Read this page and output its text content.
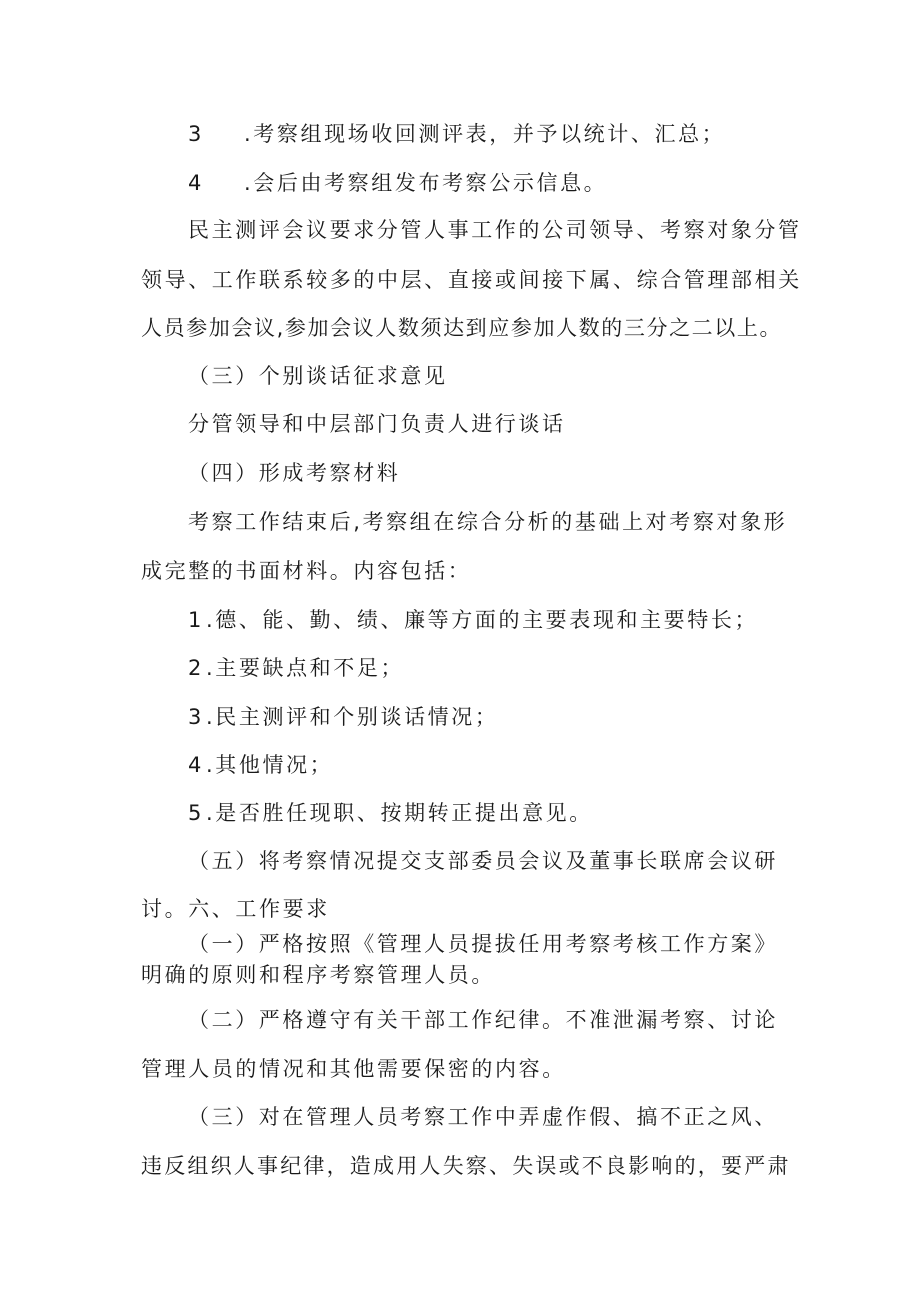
3 .考察组现场收回测评表，并予以统计、汇总；
4 .会后由考察组发布考察公示信息。
民主测评会议要求分管人事工作的公司领导、考察对象分管
领导、工作联系较多的中层、直接或间接下属、综合管理部相关
人员参加会议,参加会议人数须达到应参加人数的三分之二以上。
（三）个别谈话征求意见
分管领导和中层部门负责人进行谈话
（四）形成考察材料
考察工作结束后,考察组在综合分析的基础上对考察对象形
成完整的书面材料。内容包括：
1.德、能、勤、绩、廉等方面的主要表现和主要特长；
2.主要缺点和不足；
3.民主测评和个别谈话情况；
4.其他情况；
5.是否胜任现职、按期转正提出意见。
（五）将考察情况提交支部委员会议及董事长联席会议研
讨。六、工作要求
（一）严格按照《管理人员提拔任用考察考核工作方案》
明确的原则和程序考察管理人员。
（二）严格遵守有关干部工作纪律。不准泄漏考察、讨论
管理人员的情况和其他需要保密的内容。
（三）对在管理人员考察工作中弄虚作假、搞不正之风、
违反组织人事纪律，造成用人失察、失误或不良影响的，要严肃
